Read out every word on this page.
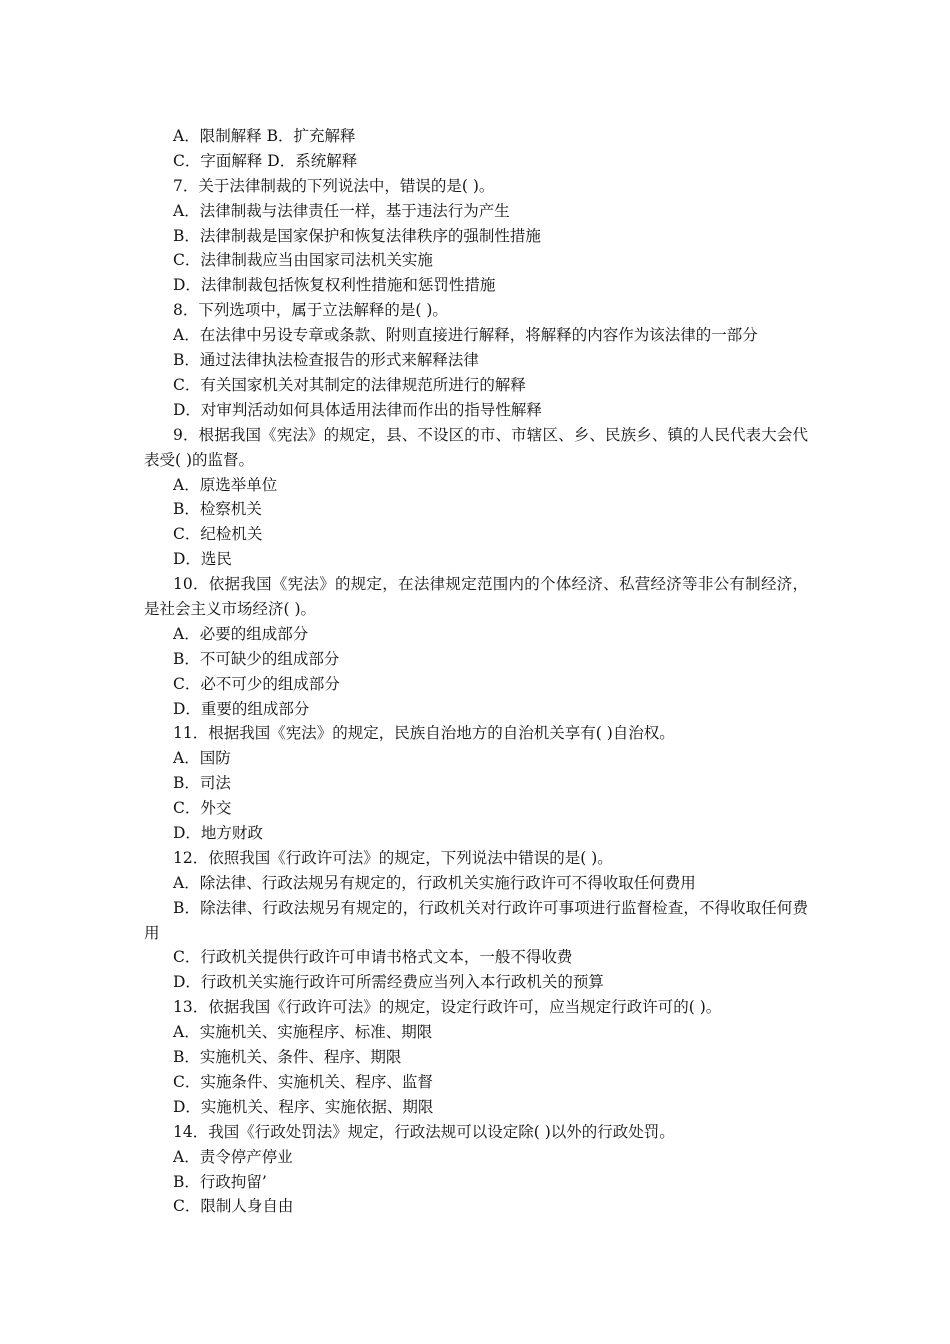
A．限制解释 B．扩充解释
C．字面解释 D．系统解释
7．关于法律制裁的下列说法中，错误的是( )。
A．法律制裁与法律责任一样，基于违法行为产生
B．法律制裁是国家保护和恢复法律秩序的强制性措施
C．法律制裁应当由国家司法机关实施
D．法律制裁包括恢复权利性措施和惩罚性措施
8．下列选项中，属于立法解释的是( )。
A．在法律中另设专章或条款、附则直接进行解释，将解释的内容作为该法律的一部分
B．通过法律执法检查报告的形式来解释法律
C．有关国家机关对其制定的法律规范所进行的解释
D．对审判活动如何具体适用法律而作出的指导性解释
9．根据我国《宪法》的规定，县、不设区的市、市辖区、乡、民族乡、镇的人民代表大会代表受( )的监督。
A．原选举单位
B．检察机关
C．纪检机关
D．选民
10．依据我国《宪法》的规定，在法律规定范围内的个体经济、私营经济等非公有制经济，是社会主义市场经济( )。
A．必要的组成部分
B．不可缺少的组成部分
C．必不可少的组成部分
D．重要的组成部分
11．根据我国《宪法》的规定，民族自治地方的自治机关享有( )自治权。
A．国防
B．司法
C．外交
D．地方财政
12．依照我国《行政许可法》的规定，下列说法中错误的是( )。
A．除法律、行政法规另有规定的，行政机关实施行政许可不得收取任何费用
B．除法律、行政法规另有规定的，行政机关对行政许可事项进行监督检查，不得收取任何费用
C．行政机关提供行政许可申请书格式文本，一般不得收费
D．行政机关实施行政许可所需经费应当列入本行政机关的预算
13．依据我国《行政许可法》的规定，设定行政许可，应当规定行政许可的( )。
A．实施机关、实施程序、标准、期限
B．实施机关、条件、程序、期限
C．实施条件、实施机关、程序、监督
D．实施机关、程序、实施依据、期限
14．我国《行政处罚法》规定，行政法规可以设定除( )以外的行政处罚。
A．责令停产停业
B．行政拘留’
C．限制人身自由
